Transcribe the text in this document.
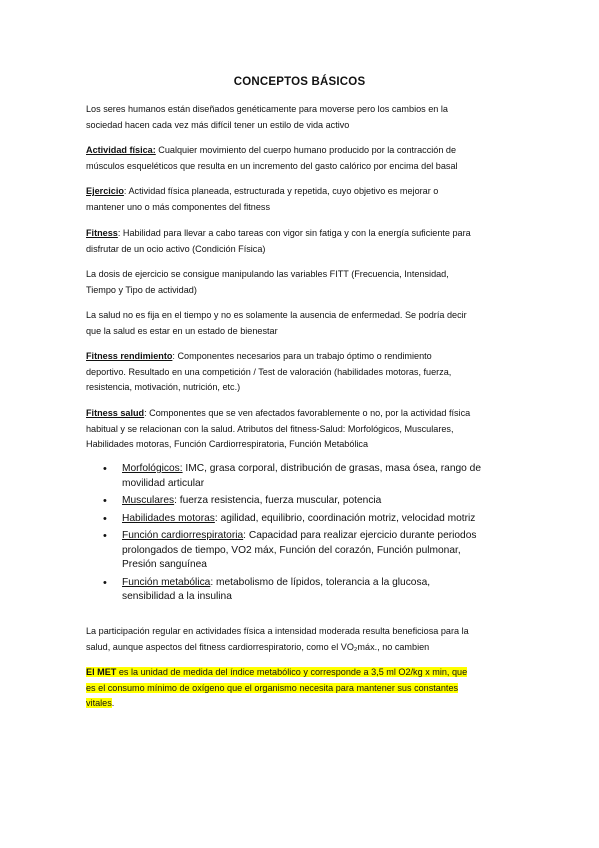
CONCEPTOS BÁSICOS
Los seres humanos están diseñados genéticamente para moverse pero los cambios en la
sociedad hacen cada vez más difícil tener un estilo de vida activo
Actividad física: Cualquier movimiento del cuerpo humano producido por la contracción de
músculos esqueléticos que resulta en un incremento del gasto calórico por encima del basal
Ejercicio: Actividad física planeada, estructurada y repetida, cuyo objetivo es mejorar o
mantener uno o más componentes del fitness
Fitness: Habilidad para llevar a cabo tareas con vigor sin fatiga y con la energía suficiente para
disfrutar de un ocio activo (Condición Física)
La dosis de ejercicio se consigue manipulando las variables FITT (Frecuencia, Intensidad,
Tiempo y Tipo de actividad)
La salud no es fija en el tiempo y no es solamente la ausencia de enfermedad. Se podría decir
que la salud es estar en un estado de bienestar
Fitness rendimiento: Componentes necesarios para un trabajo óptimo o rendimiento
deportivo. Resultado en una competición / Test de valoración (habilidades motoras, fuerza,
resistencia, motivación, nutrición, etc.)
Fitness salud: Componentes que se ven afectados favorablemente o no, por la actividad física
habitual y se relacionan con la salud. Atributos del fitness-Salud: Morfológicos, Musculares,
Habilidades motoras, Función Cardiorrespiratoria, Función Metabólica
• Morfológicos: IMC, grasa corporal, distribución de grasas, masa ósea, rango de
movilidad articular
• Musculares: fuerza resistencia, fuerza muscular, potencia
• Habilidades motoras: agilidad, equilibrio, coordinación motriz, velocidad motriz
• Función cardiorrespiratoria: Capacidad para realizar ejercicio durante periodos
prolongados de tiempo, VO2 máx, Función del corazón, Función pulmonar,
Presión sanguínea
• Función metabólica: metabolismo de lípidos, tolerancia a la glucosa,
sensibilidad a la insulina
La participación regular en actividades física a intensidad moderada resulta beneficiosa para la
salud, aunque aspectos del fitness cardiorrespiratorio, como el VO₂máx., no cambien
El MET es la unidad de medida del índice metabólico y corresponde a 3,5 ml O2/kg x min, que
es el consumo mínimo de oxígeno que el organismo necesita para mantener sus constantes
vitales.
